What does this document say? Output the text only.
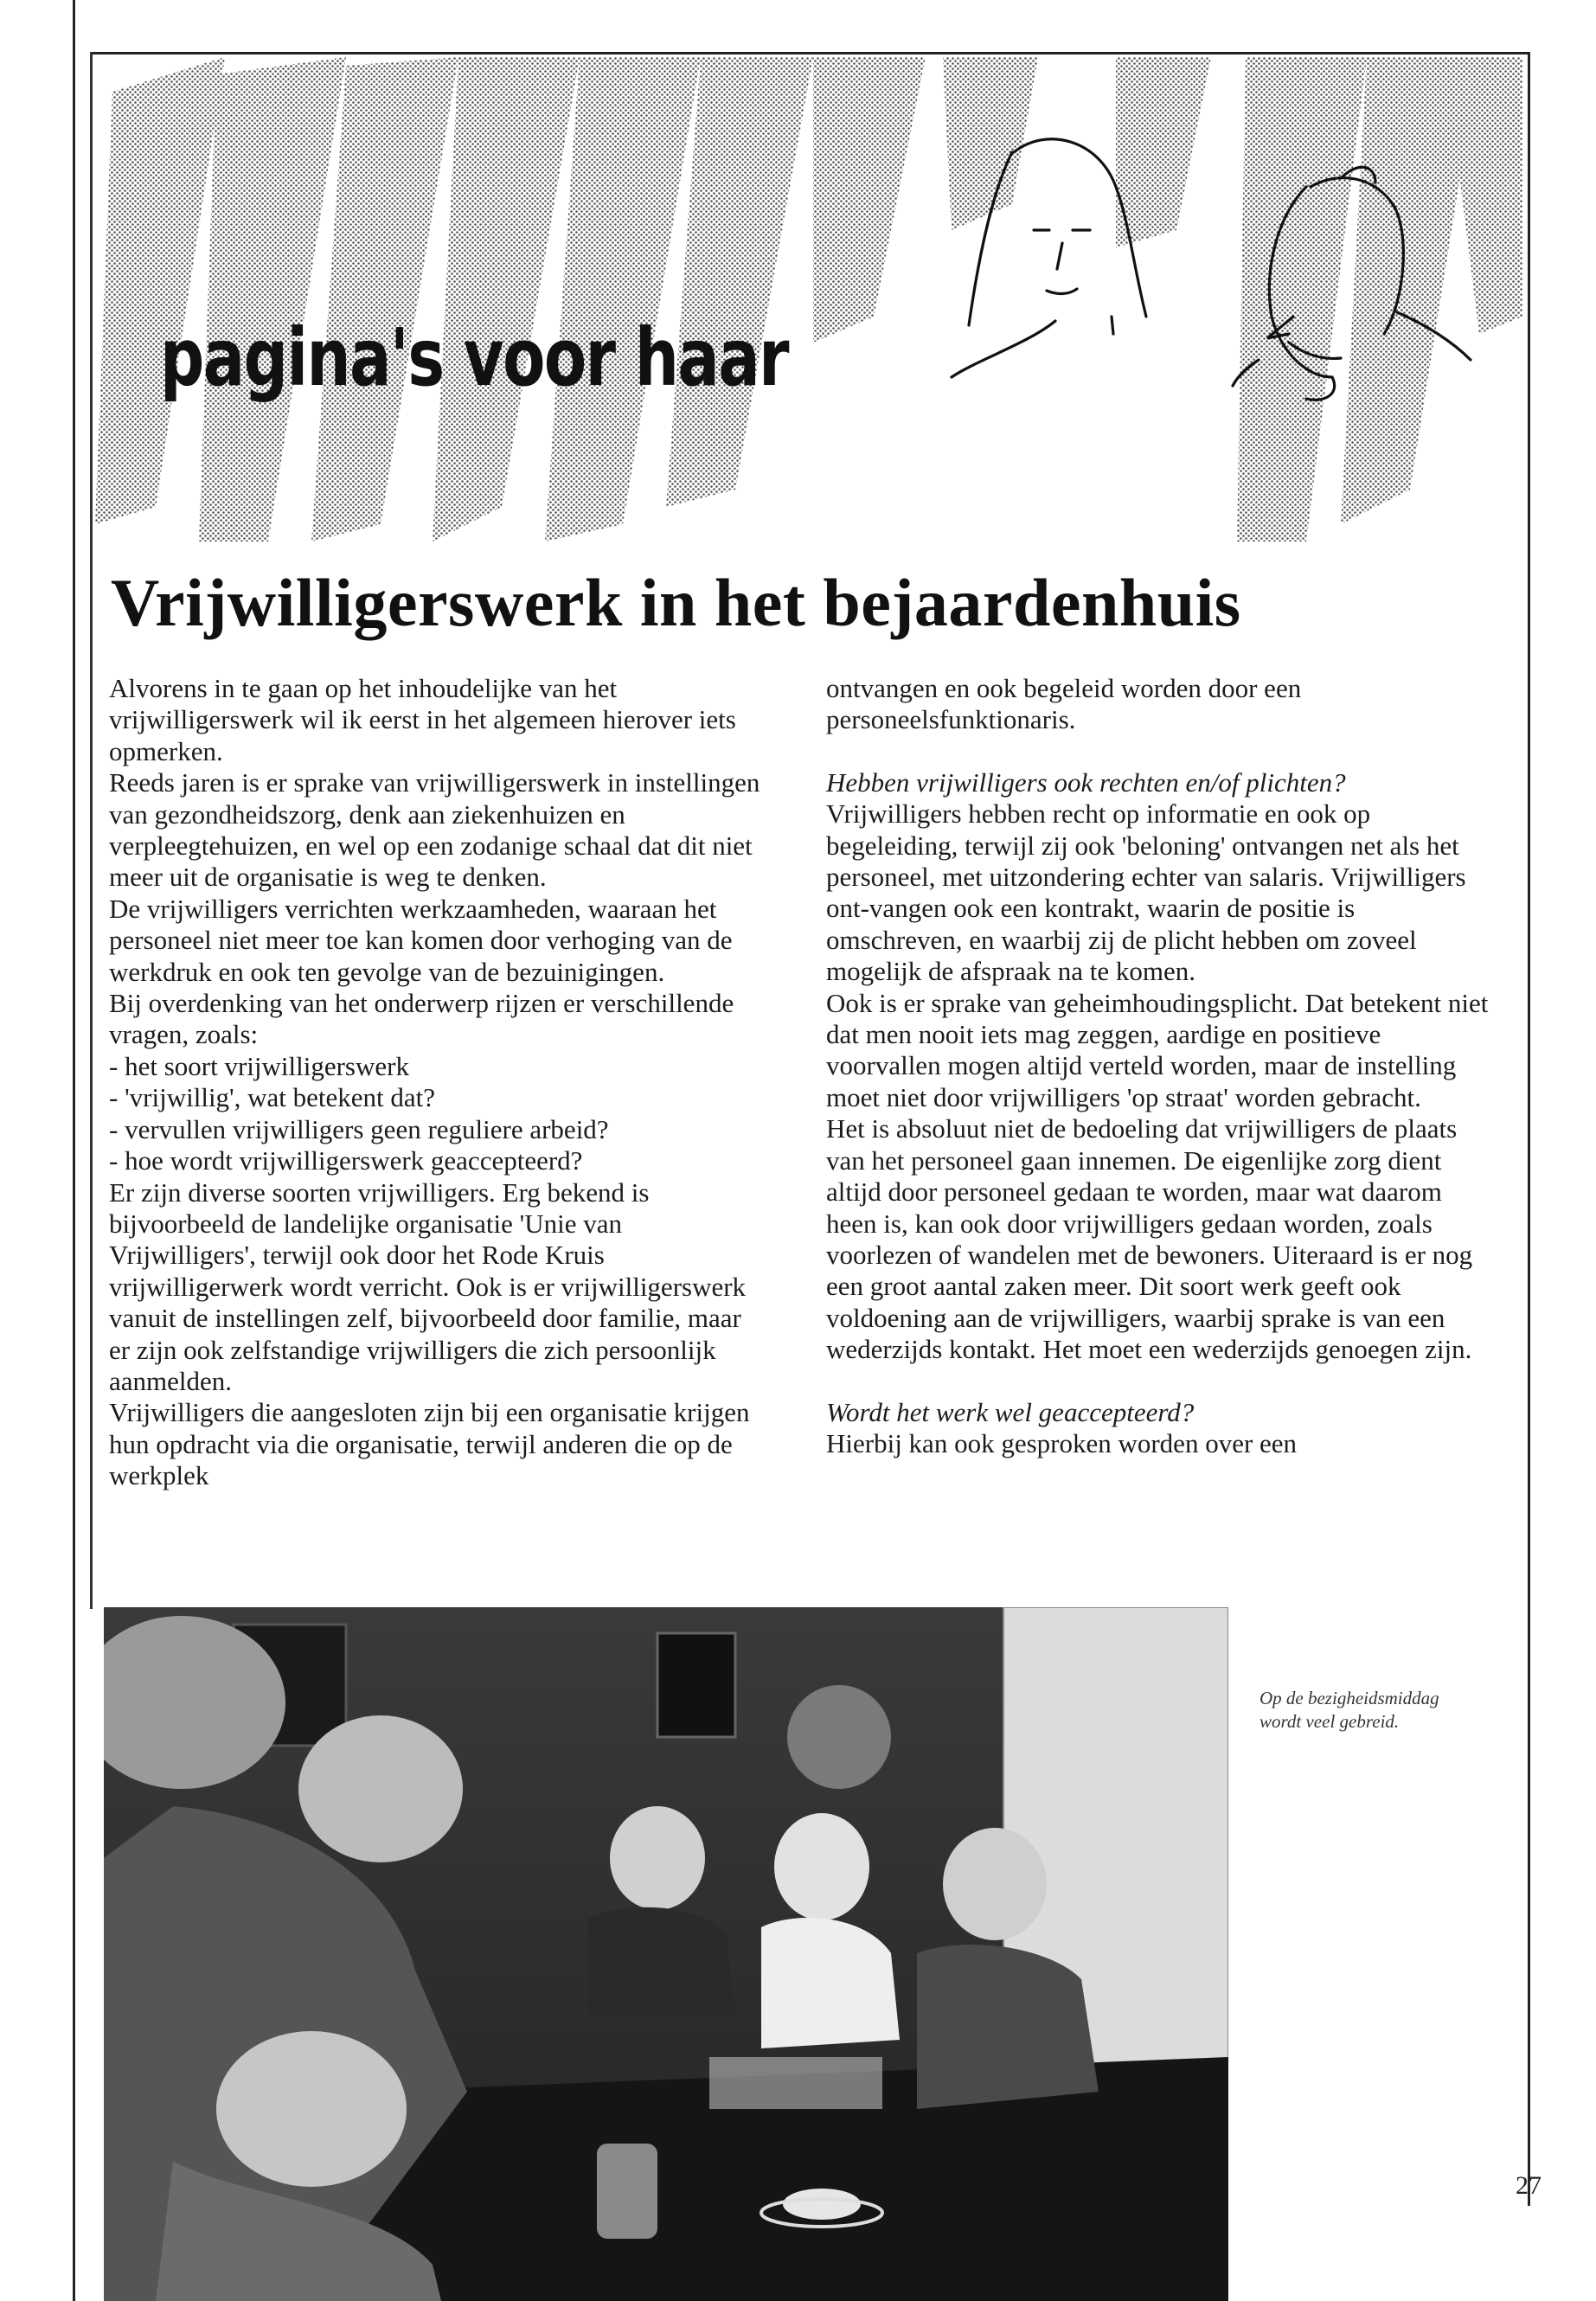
pagina's voor haar
Vrijwilligerswerk in het bejaardenhuis

Alvorens in te gaan op het inhoudelijke van het vrijwilligerswerk wil ik eerst in het algemeen hierover iets opmerken.

Reeds jaren is er sprake van vrijwilligerswerk in instellingen van gezondheidszorg, denk aan ziekenhuizen en verpleegtehuizen, en wel op een zodanige schaal dat dit niet meer uit de organisatie is weg te denken.

De vrijwilligers verrichten werkzaamheden, waaraan het personeel niet meer toe kan komen door verhoging van de werkdruk en ook ten gevolge van de bezuinigingen.

Bij overdenking van het onderwerp rijzen er verschillende vragen, zoals:

- het soort vrijwilligerswerk
- 'vrijwillig', wat betekent dat?
- vervullen vrijwilligers geen reguliere arbeid?
- hoe wordt vrijwilligerswerk geaccepteerd?

Er zijn diverse soorten vrijwilligers. Erg bekend is bijvoorbeeld de landelijke organisatie 'Unie van Vrijwilligers', terwijl ook door het Rode Kruis vrijwilligerwerk wordt verricht. Ook is er vrijwilligerswerk vanuit de instellingen zelf, bijvoorbeeld door familie, maar er zijn ook zelfstandige vrijwilligers die zich persoonlijk aanmelden.

Vrijwilligers die aangesloten zijn bij een organisatie krijgen hun opdracht via die organisatie, terwijl anderen die op de werkplek

ontvangen en ook begeleid worden door een personeelsfunktionaris.

Hebben vrijwilligers ook rechten en/of plichten?

Vrijwilligers hebben recht op informatie en ook op begeleiding, terwijl zij ook 'beloning' ontvangen net als het personeel, met uitzondering echter van salaris. Vrijwilligers ont-vangen ook een kontrakt, waarin de positie is omschreven, en waarbij zij de plicht hebben om zoveel mogelijk de afspraak na te komen.

Ook is er sprake van geheimhoudingsplicht. Dat betekent niet dat men nooit iets mag zeggen, aardige en positieve voorvallen mogen altijd verteld worden, maar de instelling moet niet door vrijwilligers 'op straat' worden gebracht.

Het is absoluut niet de bedoeling dat vrijwilligers de plaats van het personeel gaan innemen. De eigenlijke zorg dient altijd door personeel gedaan te worden, maar wat daarom heen is, kan ook door vrijwilligers gedaan worden, zoals voorlezen of wandelen met de bewoners. Uiteraard is er nog een groot aantal zaken meer. Dit soort werk geeft ook voldoening aan de vrijwilligers, waarbij sprake is van een wederzijds kontakt. Het moet een wederzijds genoegen zijn.

Wordt het werk wel geaccepteerd?

Hierbij kan ook gesproken worden over een

Op de bezigheidsmiddag wordt veel gebreid.
27
